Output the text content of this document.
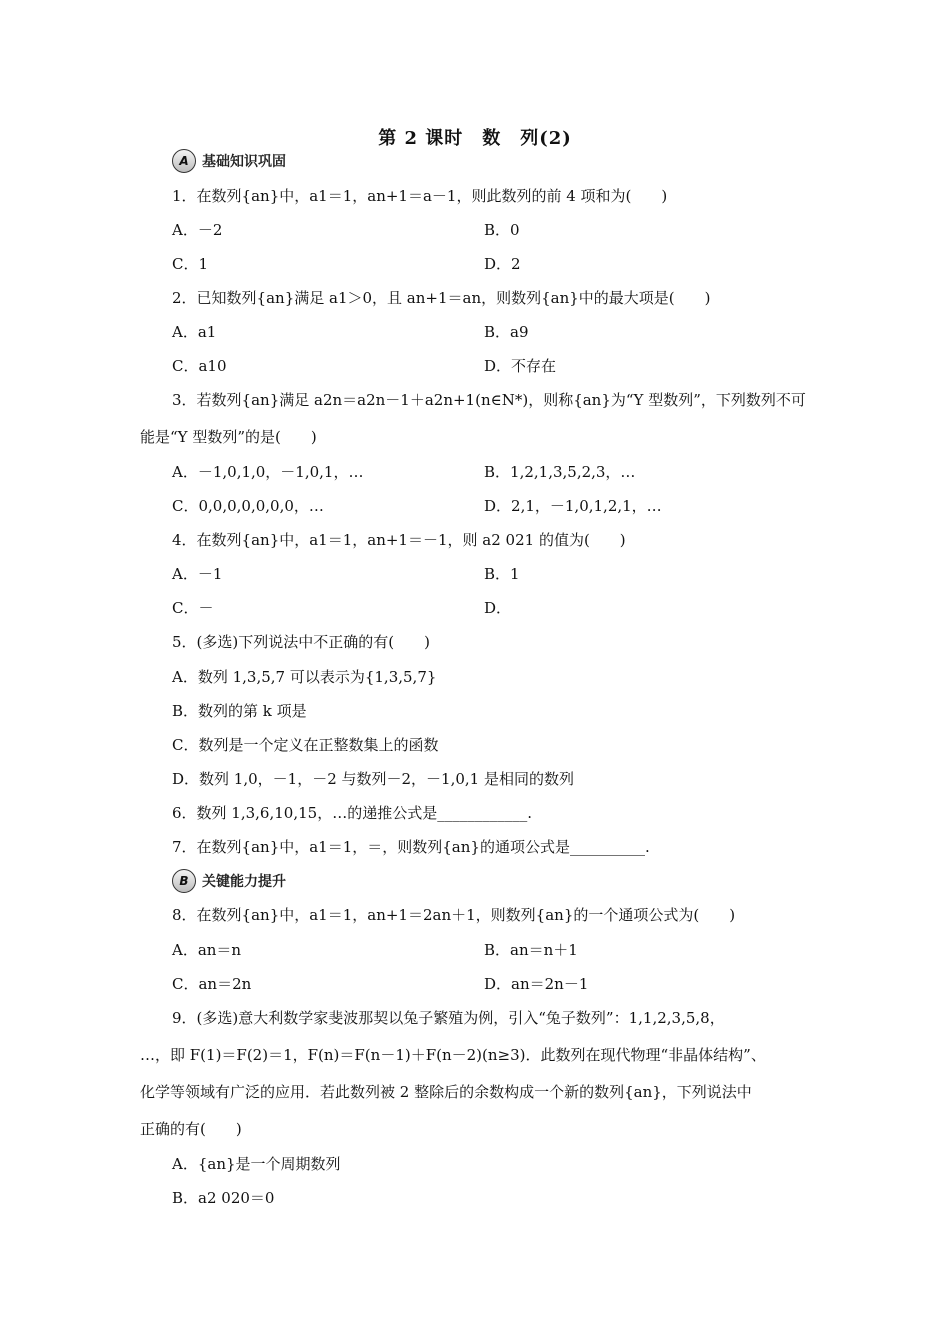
第 2 课时　数　列(2)
A 基础知识巩固
1．在数列{an}中，a1＝1，an+1＝a－1，则此数列的前 4 项和为(　　)
A．－2	B．0
C．1	D．2
2．已知数列{an}满足 a1＞0，且 an+1＝an，则数列{an}中的最大项是(　　)
A．a1	B．a9
C．a10	D．不存在
3．若数列{an}满足 a2n＝a2n－1＋a2n+1(n∈N*)，则称{an}为“Y 型数列”，下列数列不可
能是“Y 型数列”的是(　　)
A．－1,0,1,0，－1,0,1，…	B．1,2,1,3,5,2,3，…
C．0,0,0,0,0,0,0，…	D．2,1，－1,0,1,2,1，…
4．在数列{an}中，a1＝1，an+1＝－1，则 a2 021 的值为(　　)
A．－1	B．1
C．－	D．
5．(多选)下列说法中不正确的有(　　)
A．数列 1,3,5,7 可以表示为{1,3,5,7}
B．数列的第 k 项是
C．数列是一个定义在正整数集上的函数
D．数列 1,0，－1，－2 与数列－2，－1,0,1 是相同的数列
6．数列 1,3,6,10,15，…的递推公式是____________.
7．在数列{an}中，a1＝1，＝，则数列{an}的通项公式是__________.
B 关键能力提升
8．在数列{an}中，a1＝1，an+1＝2an＋1，则数列{an}的一个通项公式为(　　)
A．an＝n	B．an＝n＋1
C．an＝2n	D．an＝2n－1
9．(多选)意大利数学家斐波那契以兔子繁殖为例，引入“兔子数列”：1,1,2,3,5,8，
…，即 F(1)＝F(2)＝1，F(n)＝F(n－1)＋F(n－2)(n≥3)．此数列在现代物理“非晶体结构”、
化学等领域有广泛的应用．若此数列被 2 整除后的余数构成一个新的数列{an}，下列说法中
正确的有(　　)
A．{an}是一个周期数列
B．a2 020＝0
